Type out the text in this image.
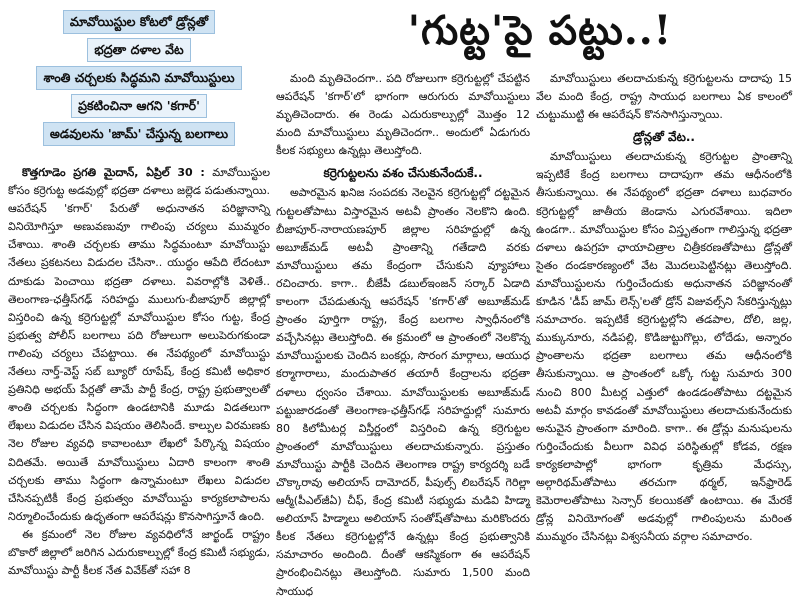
మావోయిస్టుల కోటలో డ్రోన్లతో
భద్రతా దళాల వేట
శాంతి చర్చలకు సిద్ధమని మావోయిస్టులు
ప్రకటించినా ఆగని 'కగార్'
అడవులను 'జామ్' చేస్తున్న బలగాలు
'గుట్ట'పై పట్టు..!

కొత్తగూడెం ప్రగతి మైదాన్, ఏప్రిల్ 30 : మావోయిస్టుల కోసం కర్రెగుట్ట అడవుల్లో భద్రతా దళాలు జల్లెడ పడుతున్నాయి. ఆపరేషన్ 'కగార్' పేరుతో అధునాతన పరిజ్ఞానాన్ని వినియోగిస్తూ అణువణువూ గాలింపు చర్యలు ముమ్మరం చేశాయి. శాంతి చర్చలకు తాము సిద్ధమంటూ మావోయిస్టు నేతలు ప్రకటనలు విడుదల చేసినా.. యుద్ధం ఆపేది లేదంటూ దూకుడు పెంచాయి భద్రతా దళాలు. వివరాల్లోకి వెళితే.. తెలంగాణ-ఛత్తీస్‌గఢ్ సరిహద్దు ములుగు-బీజాపూర్ జిల్లాల్లో విస్తరించి ఉన్న కర్రెగుట్టల్లో మావోయిస్టుల కోసం గుట్ట, కేంద్ర ప్రభుత్వ పోలీస్ బలగాలు పది రోజులుగా అలుపెరుగకుండా గాలింపు చర్యలు చేపట్టాయి. ఈ నేపథ్యంలో మావోయిస్టు నేతలు నార్త్-వెస్ట్ సబ్ బ్యూరో రూపేష్, కేంద్ర కమిటీ అధికార ప్రతినిధి అభయ్ పేర్లతో తామే పార్టీ కేంద్ర, రాష్ట్ర ప్రభుత్వాలతో శాంతి చర్చలకు సిద్ధంగా ఉండటానికి మూడు విడతలుగా లేఖలు విడుదల చేసిన విషయం తెలిసిందే. కాల్పుల విరమణకు నెల రోజుల వ్యవధి కావాలంటూ లేఖలో పేర్కొన్న విషయం విదితమే. అయితే మావోయిస్టులు ఏదారి కాలంగా శాంతి చర్చలకు తాము సిద్ధంగా ఉన్నామంటూ లేఖలు విడుదల చేసినప్పటికీ కేంద్ర ప్రభుత్వం మావోయిస్టు కార్యకలాపాలను నిర్మూలించేందుకు ఉధృతంగా ఆపరేషన్లు కొనసాగిస్తూనే ఉంది.

ఈ క్రమంలో నెల రోజుల వ్యవధిలోనే జార్ఖండ్ రాష్ట్రం బొకారో జిల్లాలో జరిగిన ఎదురుకాల్పుల్లో కేంద్ర కమిటీ సభ్యుడు, మావోయిస్టు పార్టీ కీలక నేత వివేక్‌తో సహా 8

మంది మృతిచెందగా.. పది రోజులుగా కర్రెగుట్టల్లో చేపట్టిన ఆపరేషన్ 'కగార్'లో భాగంగా ఆరుగురు మావోయిస్టులు మృతిచెందారు. ఈ రెండు ఎదురుకాల్పుల్లో మొత్తం 12 మంది మావోయిస్టులు మృతిచెందగా.. అందులో ఏడుగురు కీలక సభ్యులు ఉన్నట్లు తెలుస్తోంది.

కర్రెగుట్టలను వశం చేసుకునేందుకే..

అపారమైన ఖనిజ సంపదకు నెలవైన కర్రెగుట్టల్లో దట్టమైన గుట్టలతోపాటు విస్తారమైన అటవీ ప్రాంతం నెలకొని ఉంది. బీజాపూర్-నారాయణపూర్ జిల్లాల సరిహద్దుల్లో ఉన్న అబూజ్‌మడ్ అటవీ ప్రాంతాన్ని గతేడాది వరకు మావోయిస్టులు తమ కేంద్రంగా చేసుకుని వ్యూహాలు రచించారు. కాగా.. బీజేపీ డబుల్‌ఇంజన్ సర్కార్ ఏడాది కాలంగా చేపడుతున్న ఆపరేషన్ 'కగార్'తో అబూజ్‌మడ్ ప్రాంతం పూర్తిగా రాష్ట్ర, కేంద్ర బలగాల స్వాధీనంలోకి వచ్చేసినట్లు తెలుస్తోంది. ఈ క్రమంలో ఆ ప్రాంతంలో నెలకొన్న మావోయిస్టులకు చెందిన బంకర్లు, సొరంగ మార్గాలు, ఆయుధ కర్మాగారాలు, మందుపాతర తయారీ కేంద్రాలను భద్రతా దళాలు ధ్వంసం చేశాయి. మావోయిస్టులకు అబూజ్‌మడ్ పట్టుజారడంతో తెలంగాణ-ఛత్తీస్‌గఢ్ సరిహద్దుల్లో సుమారు 80 కిలోమీటర్ల విస్తీర్ణంలో విస్తరించి ఉన్న కర్రెగుట్టల ప్రాంతంలో మావోయిస్టులు తలదాచుకున్నారు. ప్రస్తుతం మావోయిస్టు పార్టీకి చెందిన తెలంగాణ రాష్ట్ర కార్యదర్శి బడే చొక్కారావు అలియాస్ దామోదర్, పీపుల్స్ లిబరేషన్ గెరిల్లా ఆర్మీ(పీఎల్‌జీఏ) చీఫ్, కేంద్ర కమిటీ సభ్యుడు మడివి హిడ్మా అలియాస్ హిడ్మాలు అలియాస్ సంతోష్‌తోపాటు మరికొందరు కీలక నేతలు కర్రెగుట్టల్లోనే ఉన్నట్లు కేంద్ర ప్రభుత్వానికి సమాచారం అందింది. దీంతో ఆకస్మికంగా ఈ ఆపరేషన్ ప్రారంభించినట్లు తెలుస్తోంది. సుమారు 1,500 మంది సాయుధ

మావోయిస్టులు తలదాచుకున్న కర్రెగుట్టలను దాదాపు 15 వేల మంది కేంద్ర, రాష్ట్ర సాయుధ బలగాలు ఏక కాలంలో చుట్టుముట్టి ఈ ఆపరేషన్ కొనసాగిస్తున్నాయి.

డ్రోన్లతో వేట..

మావోయిస్టులు తలదాచుకున్న కర్రెగుట్టల ప్రాంతాన్ని ఇప్పటికే కేంద్ర బలగాలు దాదాపుగా తమ ఆధీనంలోకి తీసుకున్నాయి. ఈ నేపథ్యంలో భద్రతా దళాలు బుధవారం కర్రెగుట్టల్లో జాతీయ జెండాను ఎగురవేశాయి. ఇదిలా ఉండగా.. మావోయిస్టుల కోసం విస్తృతంగా గాలిస్తున్న భద్రతా దళాలు ఉపగ్రహ ఛాయాచిత్రాల చిత్రీకరణతోపాటు డ్రోన్లతో సైతం దండకారణ్యంలో వేట మొదలుపెట్టినట్లు తెలుస్తోంది. మావోయిస్టులను గుర్తించేందుకు అధునాతన పరిజ్ఞానంతో కూడిన 'డీప్ జామ్ లెన్స్'లతో డ్రోన్ విజువల్స్‌ని సేకరిస్తున్నట్లు సమాచారం. ఇప్పటికే కర్రెగుట్టల్లోని తడపాల, దోలి, జల్ల, ముక్కునూరు, నడిపల్లి, కొడిజుట్టుగొల్లు, లోదేడు, అన్నారం ప్రాంతాలను భద్రతా బలగాలు తమ ఆధీనంలోకి తీసుకున్నాయి. ఆ ప్రాంతంలో ఒక్కో గుట్ట సుమారు 300 నుంచి 800 మీటర్ల ఎత్తులో ఉండడంతోపాటు దట్టమైన అటవీ మార్గం కావడంతో మావోయిస్టులు తలదాచుకునేందుకు అనువైన ప్రాంతంగా మారింది. కాగా.. ఈ డ్రోన్లు మనుషులను గుర్తించేందుకు వీలుగా వివిధ పరిస్థితుల్లో కోడవ, రక్షణ కార్యకలాపాల్లో భాగంగా కృత్రిమ మేధస్సు, అల్గారిథమ్‌తోపాటు తరచుగా థర్మల్, ఇన్‌ఫ్రారెడ్ కెమెరాలతోపాటు సెన్సార్ కలయికతో ఉంటాయి. ఈ మేరకే డ్రోన్ల వినియోగంతో అడవుల్లో గాలింపులను మరింత ముమ్మరం చేసినట్లు విశ్వసనీయ వర్గాల సమాచారం.
